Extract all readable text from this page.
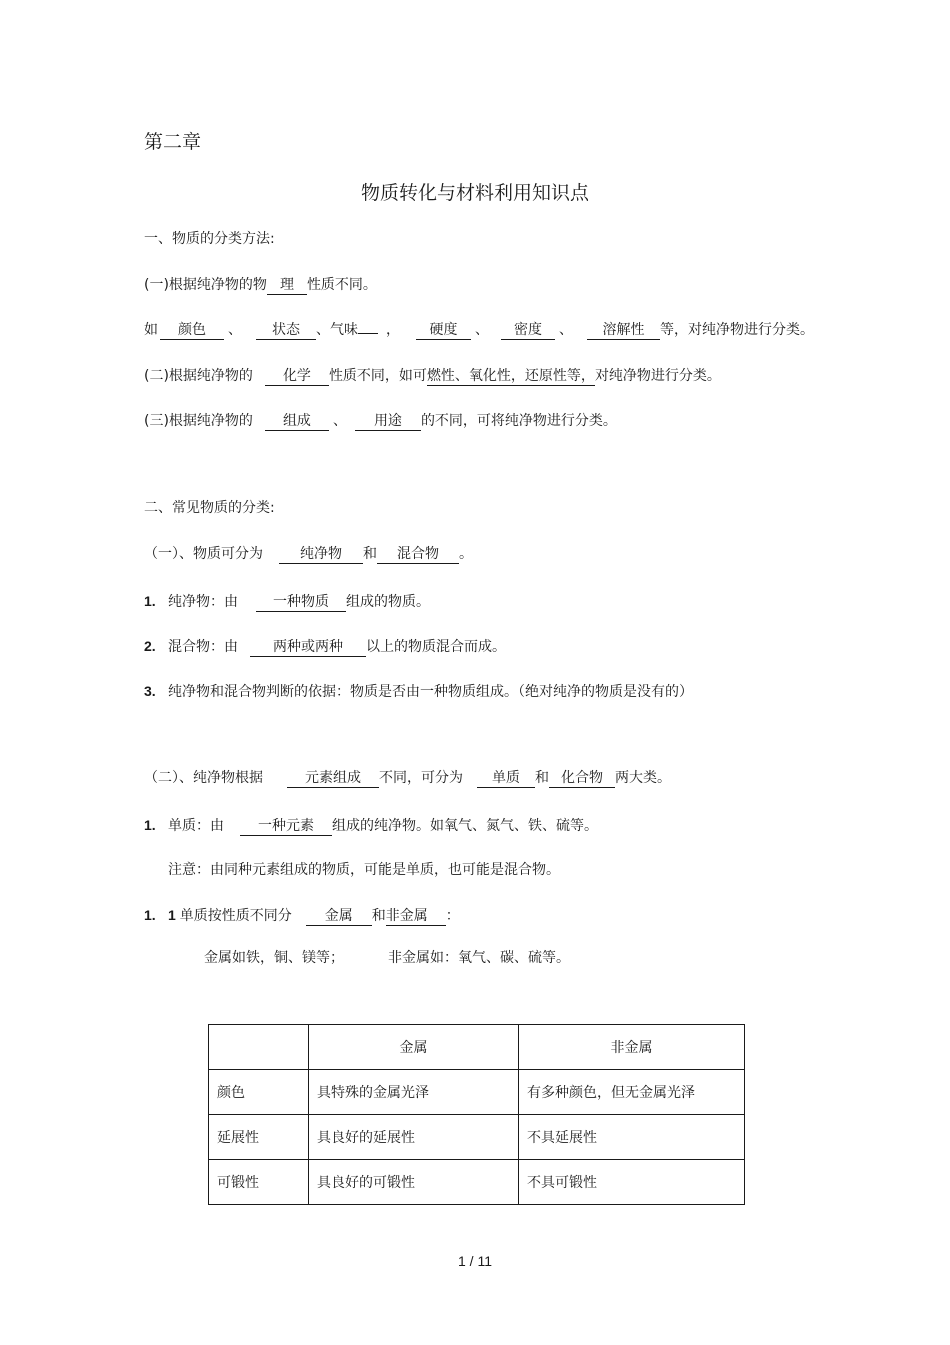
第二章
物质转化与材料利用知识点
一、物质的分类方法:
(一)根据纯净物的物 理 性质不同。
如 颜色 、 状态 、气味 ， 硬度 、 密度 、 溶解性 等，对纯净物进行分类。
(二)根据纯净物的 化学 性质不同，如可燃性、氧化性，还原性等，对纯净物进行分类。
(三)根据纯净物的 组成 、 用途 的不同，可将纯净物进行分类。
二、常见物质的分类:
（一）、物质可分为	纯净物 和 混合物 。
1. 纯净物：由	一种物质 组成的物质。
2. 混合物：由	两种或两种 以上的物质混合而成。
3. 纯净物和混合物判断的依据：物质是否由一种物质组成。（绝对纯净的物质是没有的）
（二）、纯净物根据	元素组成 不同，可分为 单质 和 化合物 两大类。
1. 单质：由 一种元素 组成的纯净物。如氧气、氮气、铁、硫等。
注意：由同种元素组成的物质，可能是单质，也可能是混合物。
1. 1 单质按性质不同分 金属 和非金属 ：
金属如铁，铜、镁等；	非金属如：氧气、碳、硫等。
	金属	非金属
颜色	具特殊的金属光泽	有多种颜色，但无金属光泽
延展性	具良好的延展性	不具延展性
可锻性	具良好的可锻性	不具可锻性
1 / 11
